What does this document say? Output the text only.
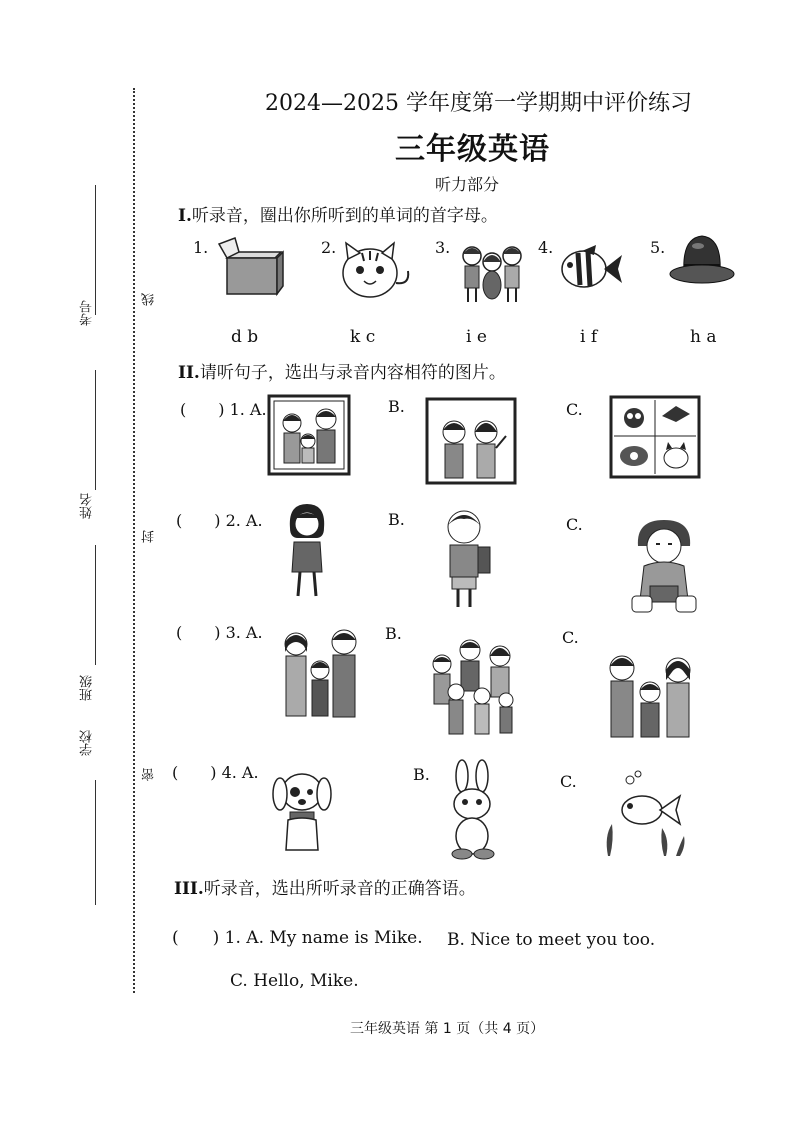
考号
姓名
班级
学校
线
封
密
2024—2025 学年度第一学期期中评价练习
三年级英语
听力部分
I.听录音，圈出你所听到的单词的首字母。
1.
d b
2.
k c
3.
i e
4.
i f
5.
h a
II.请听句子，选出与录音内容相符的图片。
(　　) 1. A.	B.	C.
(　　) 2. A.	B.	C.
(　　) 3. A.	B.	C.
(　　) 4. A.	B.	C.
III.听录音，选出所听录音的正确答语。
(　　) 1. A. My name is Mike. B. Nice to meet you too.
C. Hello, Mike.
三年级英语 第 1 页（共 4 页）
